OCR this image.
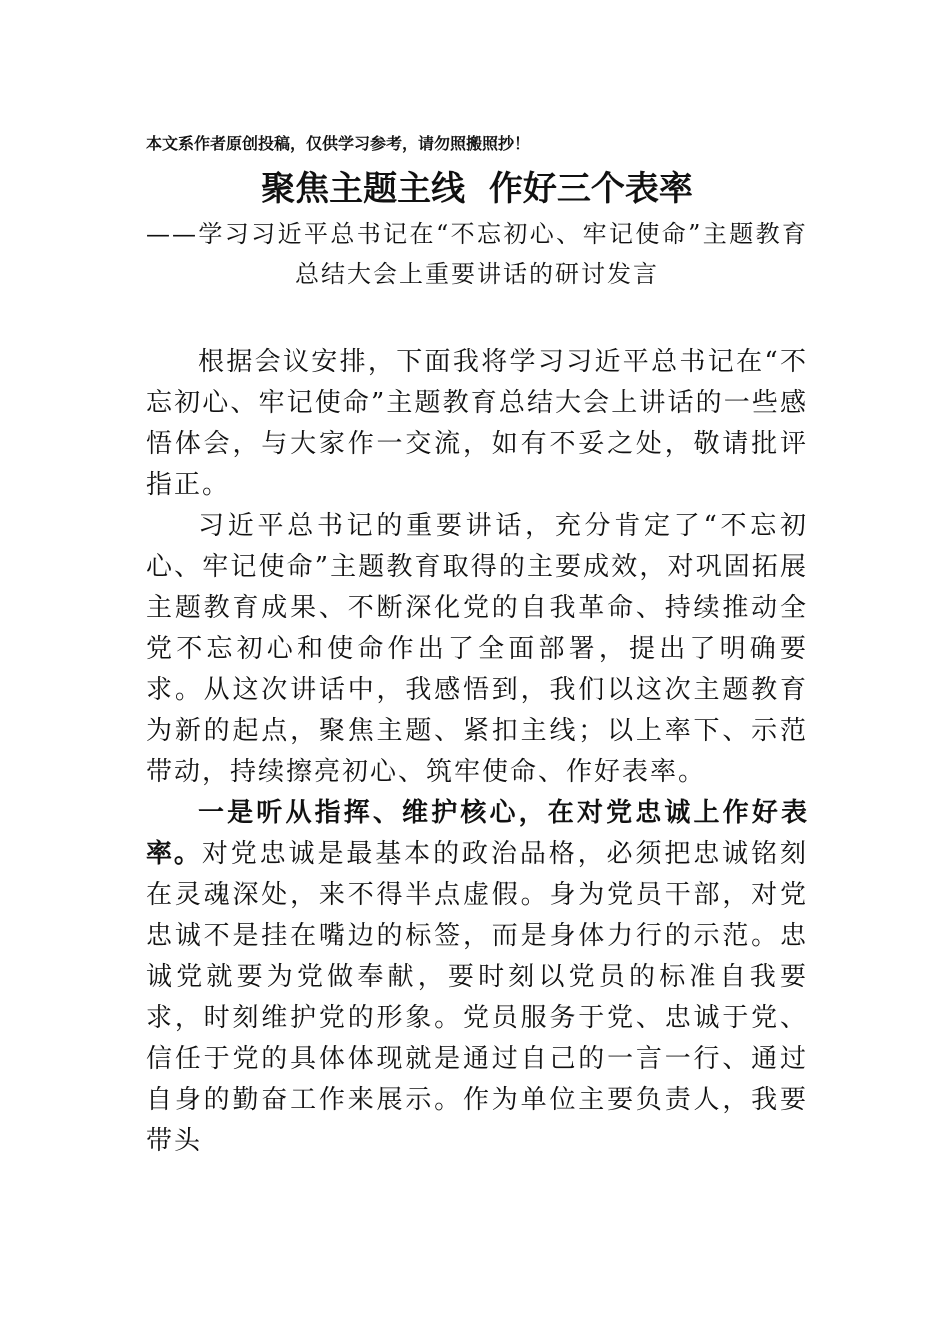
本文系作者原创投稿，仅供学习参考，请勿照搬照抄！

聚焦主题主线  作好三个表率

——学习习近平总书记在“不忘初心、牢记使命”主题教育总结大会上重要讲话的研讨发言

根据会议安排，下面我将学习习近平总书记在“不忘初心、牢记使命”主题教育总结大会上讲话的一些感悟体会，与大家作一交流，如有不妥之处，敬请批评指正。

习近平总书记的重要讲话，充分肯定了“不忘初心、牢记使命”主题教育取得的主要成效，对巩固拓展主题教育成果、不断深化党的自我革命、持续推动全党不忘初心和使命作出了全面部署，提出了明确要求。从这次讲话中，我感悟到，我们以这次主题教育为新的起点，聚焦主题、紧扣主线；以上率下、示范带动，持续擦亮初心、筑牢使命、作好表率。

一是听从指挥、维护核心，在对党忠诚上作好表率。对党忠诚是最基本的政治品格，必须把忠诚铭刻在灵魂深处，来不得半点虚假。身为党员干部，对党忠诚不是挂在嘴边的标签，而是身体力行的示范。忠诚党就要为党做奉献，要时刻以党员的标准自我要求，时刻维护党的形象。党员服务于党、忠诚于党、信任于党的具体体现就是通过自己的一言一行、通过自身的勤奋工作来展示。作为单位主要负责人，我要带头
